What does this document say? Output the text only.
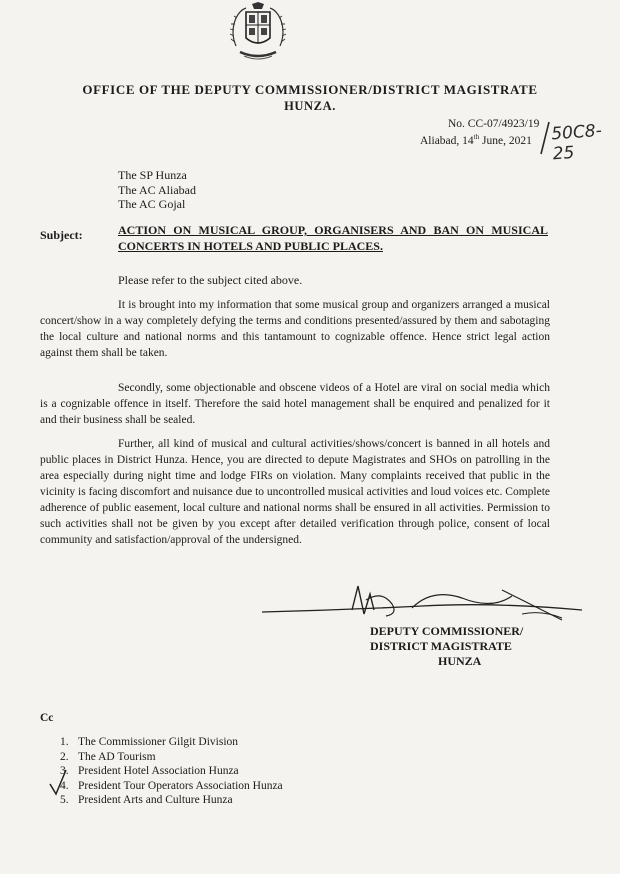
OFFICE OF THE DEPUTY COMMISSIONER/DISTRICT MAGISTRATE
HUNZA.
No. CC-07/4923/19
Aliabad, 14th June, 2021 50C8-25
The SP Hunza
The AC Aliabad
The AC Gojal
Subject:	ACTION ON MUSICAL GROUP, ORGANISERS AND BAN ON MUSICAL CONCERTS IN HOTELS AND PUBLIC PLACES.
Please refer to the subject cited above.

It is brought into my information that some musical group and organizers arranged a musical concert/show in a way completely defying the terms and conditions presented/assured by them and sabotaging the local culture and national norms and this tantamount to cognizable offence. Hence strict legal action against them shall be taken.

Secondly, some objectionable and obscene videos of a Hotel are viral on social media which is a cognizable offence in itself. Therefore the said hotel management shall be enquired and penalized for it and their business shall be sealed.

Further, all kind of musical and cultural activities/shows/concert is banned in all hotels and public places in District Hunza. Hence, you are directed to depute Magistrates and SHOs on patrolling in the area especially during night time and lodge FIRs on violation. Many complaints received that public in the vicinity is facing discomfort and nuisance due to uncontrolled musical activities and loud voices etc. Complete adherence of public easement, local culture and national norms shall be ensured in all activities. Permission to such activities shall not be given by you except after detailed verification through police, consent of local community and satisfaction/approval of the undersigned.

DEPUTY COMMISSIONER/
DISTRICT MAGISTRATE
HUNZA
Cc
1. The Commissioner Gilgit Division
2. The AD Tourism
3. President Hotel Association Hunza
4. President Tour Operators Association Hunza
5. President Arts and Culture Hunza
